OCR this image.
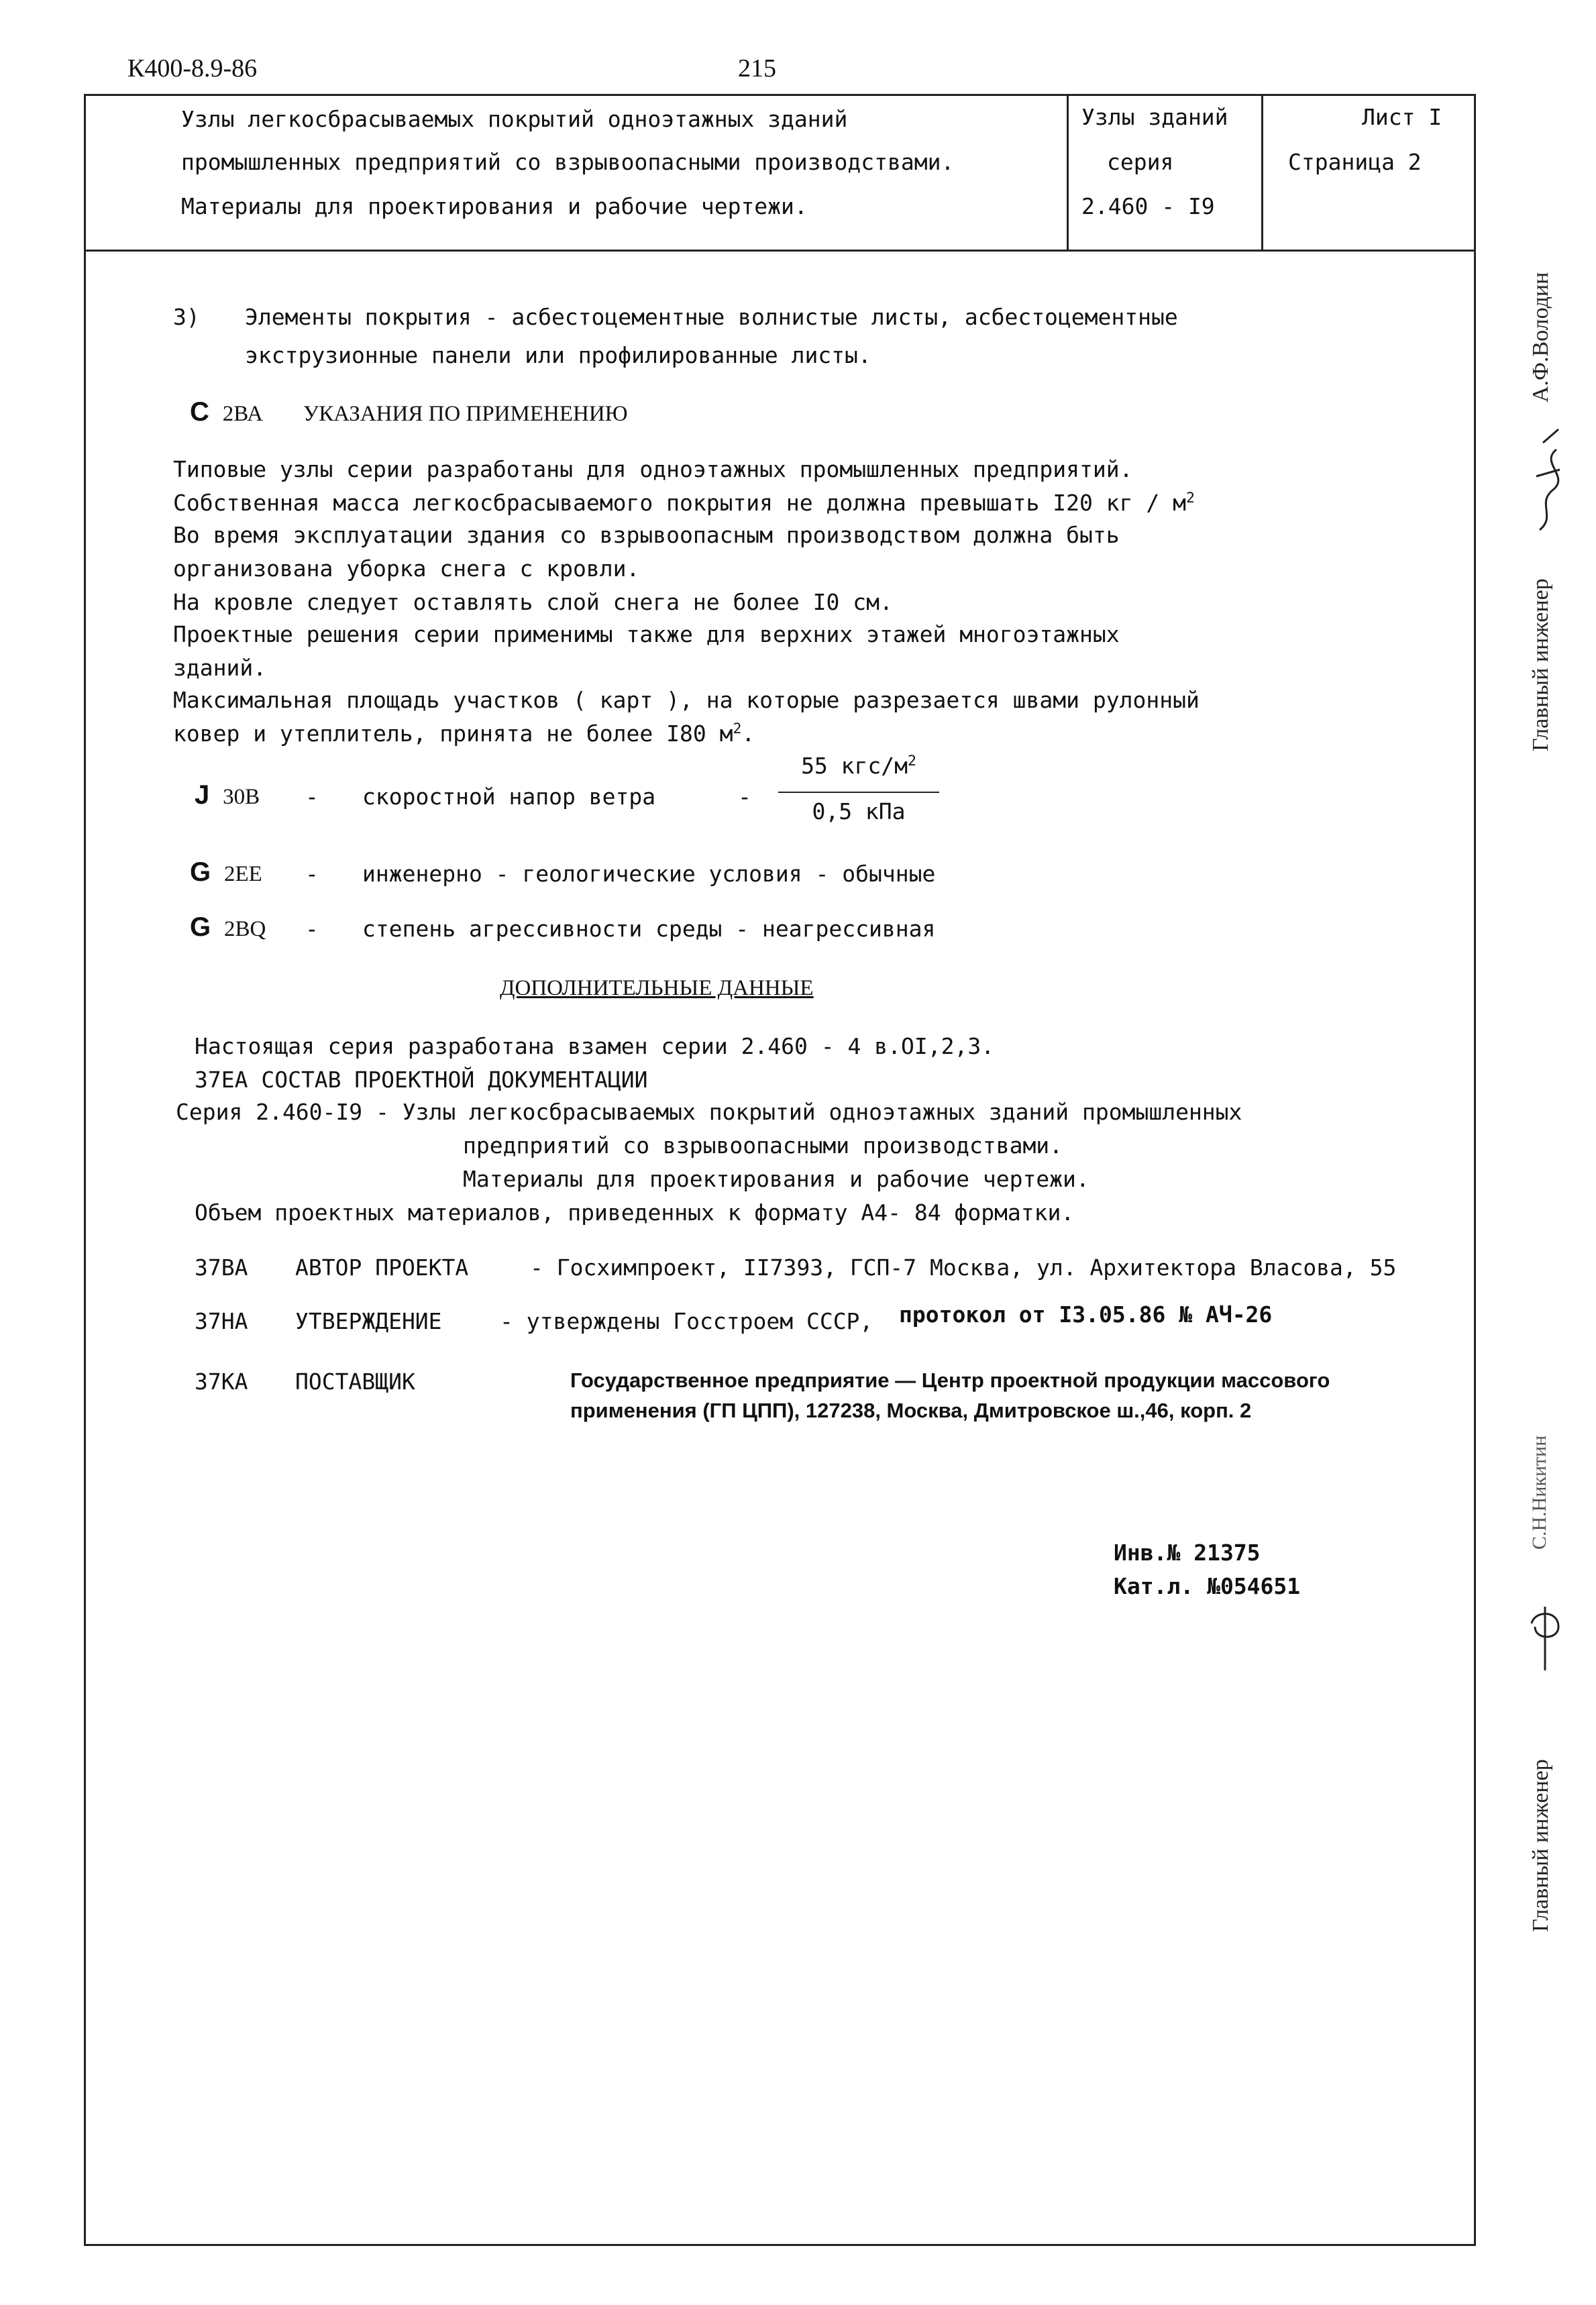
К400-8.9-86	215
Узлы легкосбрасываемых покрытий одноэтажных зданий
промышленных предприятий со взрывоопасными производствами.
Материалы для проектирования и рабочие чертежи.
Узлы зданий
серия
2.460 - I9
Лист I
Страница 2
3) Элементы покрытия - асбестоцементные волнистые листы, асбестоцементные
экструзионные панели или профилированные листы.
С 2ВА УКАЗАНИЯ ПО ПРИМЕНЕНИЮ
Типовые узлы серии разработаны для одноэтажных промышленных предприятий.
Собственная масса легкосбрасываемого покрытия не должна превышать I20 кг / $м^2$
Во время эксплуатации здания со взрывоопасным производством должна быть
организована уборка снега с кровли.
На кровле следует оставлять слой снега не более I0 см.
Проектные решения серии применимы также для верхних этажей многоэтажных
зданий.
Максимальная площадь участков ( карт ), на которые разрезается швами рулонный
ковер и утеплитель, принята не более I80 $м^2$.
J 30В - скоростной напор ветра	-
55 кгс/$м^2$
0,5 кПа
G 2ЕЕ - инженерно - геологические условия - обычные
G 2ВQ - степень агрессивности среды - неагрессивная
ДОПОЛНИТЕЛЬНЫЕ ДАННЫЕ
Настоящая серия разработана взамен серии 2.460 - 4 в.ОI,2,3.
37ЕА СОСТАВ ПРОЕКТНОЙ ДОКУМЕНТАЦИИ
Серия 2.460-I9 - Узлы легкосбрасываемых покрытий одноэтажных зданий промышленных
предприятий со взрывоопасными производствами.
Материалы для проектирования и рабочие чертежи.
Объем проектных материалов, приведенных к формату А4- 84 форматки.
37ВА АВТОР ПРОЕКТА	- Госхимпроект, II7393, ГСП-7 Москва, ул. Архитектора Власова, 55
37НА УТВЕРЖДЕНИЕ	- утверждены Госстроем СССР, протокол от I3.05.86 № АЧ-26
37КА ПОСТАВЩИК	Государственное предприятие — Центр проектной продукции массового
применения (ГП ЦПП), 127238, Москва, Дмитровское ш.,46, корп. 2
Инв.№ 21375
Кат.л. №054651
Главный инженер
А.Ф.Володин
С.Н.Никитин
Главный инженер
